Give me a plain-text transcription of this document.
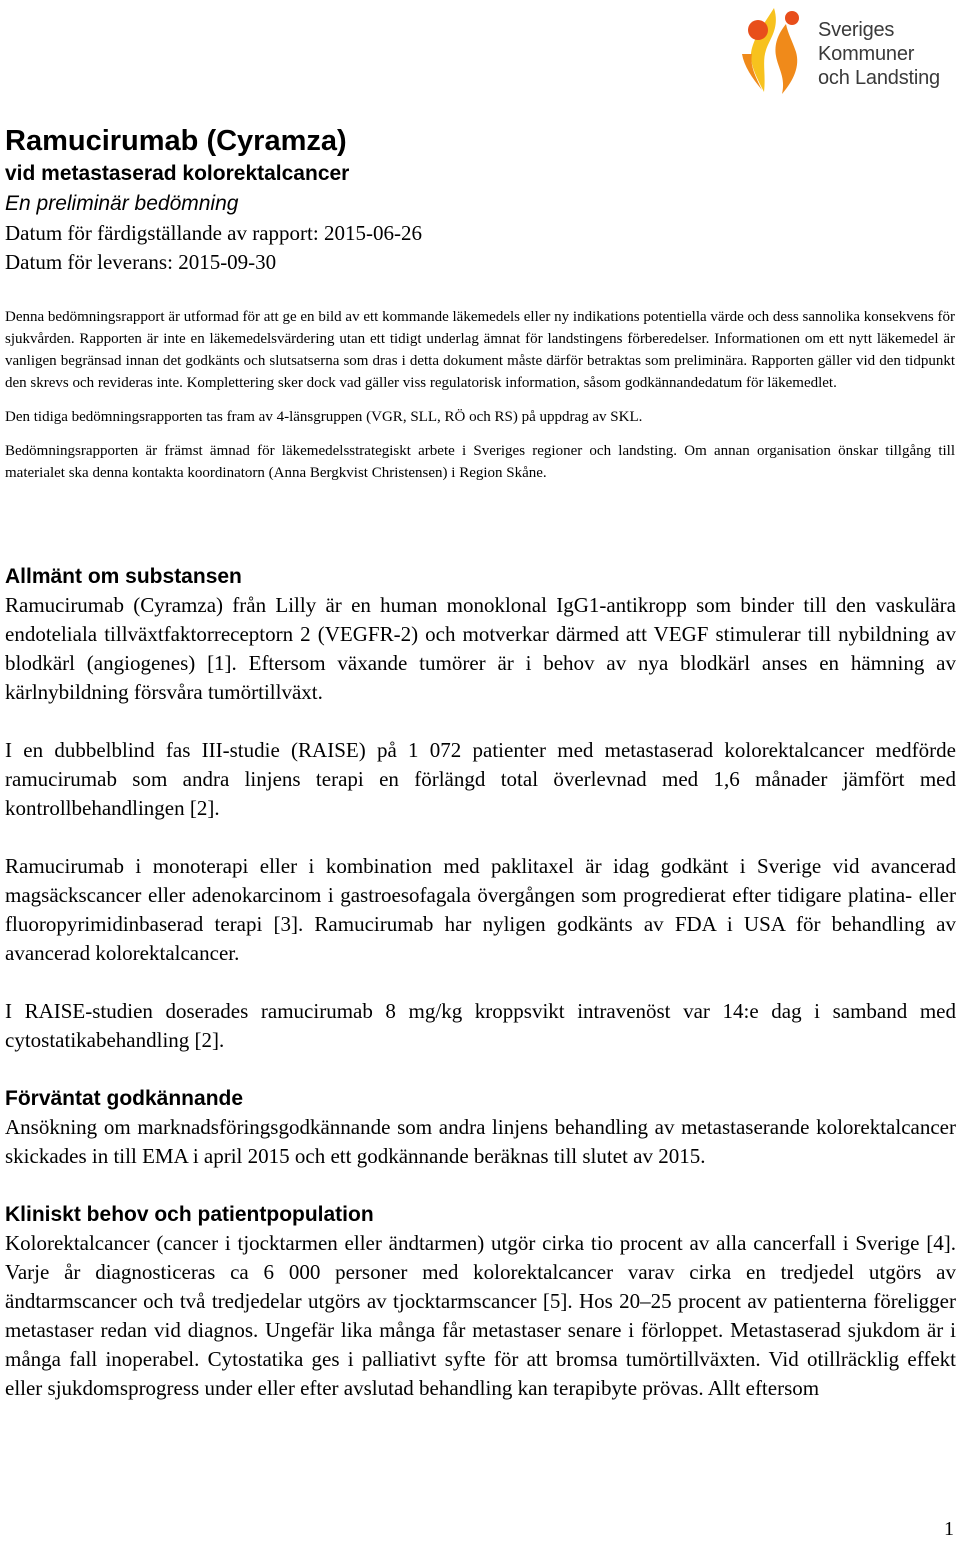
Sveriges
Kommuner
och Landsting
Ramucirumab (Cyramza)
vid metastaserad kolorektalcancer
En preliminär bedömning
Datum för färdigställande av rapport: 2015-06-26
Datum för leverans: 2015-09-30

Denna bedömningsrapport är utformad för att ge en bild av ett kommande läkemedels eller ny indikations potentiella värde och dess sannolika konsekvens för sjukvården. Rapporten är inte en läkemedelsvärdering utan ett tidigt underlag ämnat för landstingens förberedelser. Informationen om ett nytt läkemedel är vanligen begränsad innan det godkänts och slutsatserna som dras i detta dokument måste därför betraktas som preliminära. Rapporten gäller vid den tidpunkt den skrevs och revideras inte. Komplettering sker dock vad gäller viss regulatorisk information, såsom godkännandedatum för läkemedlet.

Den tidiga bedömningsrapporten tas fram av 4-länsgruppen (VGR, SLL, RÖ och RS) på uppdrag av SKL.

Bedömningsrapporten är främst ämnad för läkemedelsstrategiskt arbete i Sveriges regioner och landsting. Om annan organisation önskar tillgång till materialet ska denna kontakta koordinatorn (Anna Bergkvist Christensen) i Region Skåne.

Allmänt om substansen

Ramucirumab (Cyramza) från Lilly är en human monoklonal IgG1-antikropp som binder till den vaskulära endoteliala tillväxtfaktorreceptorn 2 (VEGFR-2) och motverkar därmed att VEGF stimulerar till nybildning av blodkärl (angiogenes) [1]. Eftersom växande tumörer är i behov av nya blodkärl anses en hämning av kärlnybildning försvåra tumörtillväxt.

I en dubbelblind fas III-studie (RAISE) på 1 072 patienter med metastaserad kolorektalcancer medförde ramucirumab som andra linjens terapi en förlängd total överlevnad med 1,6 månader jämfört med kontrollbehandlingen [2].

Ramucirumab i monoterapi eller i kombination med paklitaxel är idag godkänt i Sverige vid avancerad magsäckscancer eller adenokarcinom i gastroesofagala övergången som progredierat efter tidigare platina- eller fluoropyrimidinbaserad terapi [3]. Ramucirumab har nyligen godkänts av FDA i USA för behandling av avancerad kolorektalcancer.

I RAISE-studien doserades ramucirumab 8 mg/kg kroppsvikt intravenöst var 14:e dag i samband med cytostatikabehandling [2].

Förväntat godkännande

Ansökning om marknadsföringsgodkännande som andra linjens behandling av metastaserande kolorektalcancer skickades in till EMA i april 2015 och ett godkännande beräknas till slutet av 2015.

Kliniskt behov och patientpopulation

Kolorektalcancer (cancer i tjocktarmen eller ändtarmen) utgör cirka tio procent av alla cancerfall i Sverige [4]. Varje år diagnosticeras ca 6 000 personer med kolorektalcancer varav cirka en tredjedel utgörs av ändtarmscancer och två tredjedelar utgörs av tjocktarmscancer [5]. Hos 20–25 procent av patienterna föreligger metastaser redan vid diagnos. Ungefär lika många får metastaser senare i förloppet. Metastaserad sjukdom är i många fall inoperabel. Cytostatika ges i palliativt syfte för att bromsa tumörtillväxten. Vid otillräcklig effekt eller sjukdomsprogress under eller efter avslutad behandling kan terapibyte prövas. Allt eftersom

1
